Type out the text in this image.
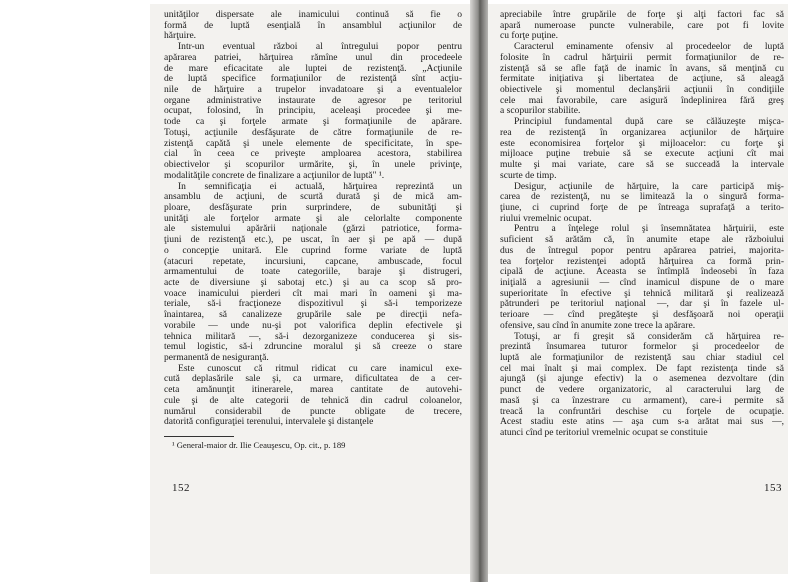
unităţilor dispersate ale inamicului continuă să fie o
formă de luptă esenţială în ansamblul acţiunilor de
hărţuire.
Într-un eventual război al întregului popor pentru
apărarea patriei, hărţuirea rămîne unul din procedeele
de mare eficacitate ale luptei de rezistenţă. „Acţiunile
de luptă specifice formaţiunilor de rezistenţă sînt acţiu-
nile de hărţuire a trupelor invadatoare şi a eventualelor
organe administrative instaurate de agresor pe teritoriul
ocupat, folosind, în principiu, aceleaşi procedee şi me-
tode ca şi forţele armate şi formaţiunile de apărare.
Totuşi, acţiunile desfăşurate de către formaţiunile de re-
zistenţă capătă şi unele elemente de specificitate, în spe-
cial în ceea ce priveşte amploarea acestora, stabilirea
obiectivelor şi scopurilor urmărite, şi, în unele privinţe,
modalităţile concrete de finalizare a acţiunilor de luptă" ¹.
În semnificaţia ei actuală, hărţuirea reprezintă un
ansamblu de acţiuni, de scurtă durată şi de mică am-
ploare, desfăşurate prin surprindere, de subunităţi şi
unităţi ale forţelor armate şi ale celorlalte componente
ale sistemului apărării naţionale (gărzi patriotice, forma-
ţiuni de rezistenţă etc.), pe uscat, în aer şi pe apă — după
o concepţie unitară. Ele cuprind forme variate de luptă
(atacuri repetate, incursiuni, capcane, ambuscade, focul
armamentului de toate categoriile, baraje şi distrugeri,
acte de diversiune şi sabotaj etc.) şi au ca scop să pro-
voace inamicului pierderi cît mai mari în oameni şi ma-
teriale, să-i fracţioneze dispozitivul şi să-i temporizeze
înaintarea, să canalizeze grupările sale pe direcţii nefa-
vorabile — unde nu-şi pot valorifica deplin efectivele şi
tehnica militară —, să-i dezorganizeze conducerea şi sis-
temul logistic, să-i zdruncine moralul şi să creeze o stare
permanentă de nesiguranţă.
Este cunoscut că ritmul ridicat cu care inamicul exe-
cută deplasările sale şi, ca urmare, dificultatea de a cer-
ceta amănunţit itinerarele, marea cantitate de autovehi-
cule şi de alte categorii de tehnică din cadrul coloanelor,
numărul considerabil de puncte obligate de trecere,
datorită configuraţiei terenului, intervalele şi distanţele
¹ General-maior dr. Ilie Ceauşescu, Op. cit., p. 189
152
apreciabile între grupările de forţe şi alţi factori fac să
apară numeroase puncte vulnerabile, care pot fi lovite
cu forţe puţine.
Caracterul eminamente ofensiv al procedeelor de luptă
folosite în cadrul hărţuirii permit formaţiunilor de re-
zistenţă să se afle faţă de inamic în avans, să menţină cu
fermitate iniţiativa şi libertatea de acţiune, să aleagă
obiectivele şi momentul declanşării acţiunii în condiţiile
cele mai favorabile, care asigură îndeplinirea fără greş
a scopurilor stabilite.
Principiul fundamental după care se călăuzeşte mişca-
rea de rezistenţă în organizarea acţiunilor de hărţuire
este economisirea forţelor şi mijloacelor: cu forţe şi
mijloace puţine trebuie să se execute acţiuni cît mai
multe şi mai variate, care să se succeadă la intervale
scurte de timp.
Desigur, acţiunile de hărţuire, la care participă miş-
carea de rezistenţă, nu se limitează la o singură forma-
ţiune, ci cuprind forţe de pe întreaga suprafaţă a terito-
riului vremelnic ocupat.
Pentru a înţelege rolul şi însemnătatea hărţuirii, este
suficient să arătăm că, în anumite etape ale războiului
dus de întregul popor pentru apărarea patriei, majorita-
tea forţelor rezistenţei adoptă hărţuirea ca formă prin-
cipală de acţiune. Aceasta se întîmplă îndeosebi în faza
iniţială a agresiunii — cînd inamicul dispune de o mare
superioritate în efective şi tehnică militară şi realizează
pătrunderi pe teritoriul naţional —, dar şi în fazele ul-
terioare — cînd pregăteşte şi desfăşoară noi operaţii
ofensive, sau cînd în anumite zone trece la apărare.
Totuşi, ar fi greşit să considerăm că hărţuirea re-
prezintă însumarea tuturor formelor şi procedeelor de
luptă ale formaţiunilor de rezistenţă sau chiar stadiul cel
cel mai înalt şi mai complex. De fapt rezistenţa tinde să
ajungă (şi ajunge efectiv) la o asemenea dezvoltare (din
punct de vedere organizatoric, al caracterului larg de
masă şi ca înzestrare cu armament), care-i permite să
treacă la confruntări deschise cu forţele de ocupaţie.
Acest stadiu este atins — aşa cum s-a arătat mai sus —,
atunci cînd pe teritoriul vremelnic ocupat se constituie
153
